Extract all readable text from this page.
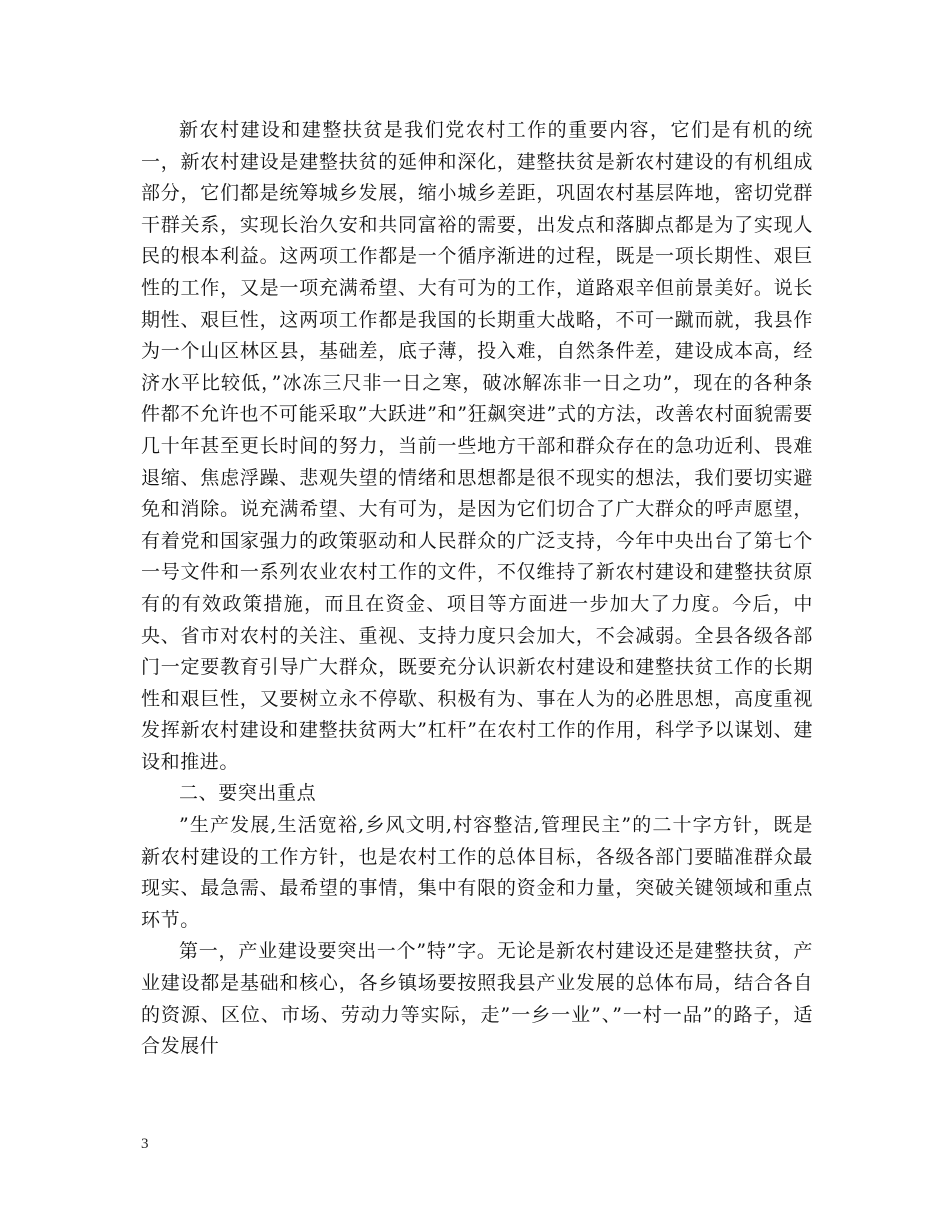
新农村建设和建整扶贫是我们党农村工作的重要内容，它们是有机的统一，新农村建设是建整扶贫的延伸和深化，建整扶贫是新农村建设的有机组成部分，它们都是统筹城乡发展，缩小城乡差距，巩固农村基层阵地，密切党群干群关系，实现长治久安和共同富裕的需要，出发点和落脚点都是为了实现人民的根本利益。这两项工作都是一个循序渐进的过程，既是一项长期性、艰巨性的工作，又是一项充满希望、大有可为的工作，道路艰辛但前景美好。说长期性、艰巨性，这两项工作都是我国的长期重大战略，不可一蹴而就，我县作为一个山区林区县，基础差，底子薄，投入难，自然条件差，建设成本高，经济水平比较低，”冰冻三尺非一日之寒，破冰解冻非一日之功”，现在的各种条件都不允许也不可能采取”大跃进”和”狂飙突进”式的方法，改善农村面貌需要几十年甚至更长时间的努力，当前一些地方干部和群众存在的急功近利、畏难退缩、焦虑浮躁、悲观失望的情绪和思想都是很不现实的想法，我们要切实避免和消除。说充满希望、大有可为，是因为它们切合了广大群众的呼声愿望，有着党和国家强力的政策驱动和人民群众的广泛支持，今年中央出台了第七个一号文件和一系列农业农村工作的文件，不仅维持了新农村建设和建整扶贫原有的有效政策措施，而且在资金、项目等方面进一步加大了力度。今后，中央、省市对农村的关注、重视、支持力度只会加大，不会减弱。全县各级各部门一定要教育引导广大群众，既要充分认识新农村建设和建整扶贫工作的长期性和艰巨性，又要树立永不停歇、积极有为、事在人为的必胜思想，高度重视发挥新农村建设和建整扶贫两大”杠杆”在农村工作的作用，科学予以谋划、建设和推进。

二、要突出重点

”生产发展,生活宽裕,乡风文明,村容整洁,管理民主”的二十字方针，既是新农村建设的工作方针，也是农村工作的总体目标，各级各部门要瞄准群众最现实、最急需、最希望的事情，集中有限的资金和力量，突破关键领域和重点环节。

第一，产业建设要突出一个”特”字。无论是新农村建设还是建整扶贫，产业建设都是基础和核心，各乡镇场要按照我县产业发展的总体布局，结合各自的资源、区位、市场、劳动力等实际，走”一乡一业”、”一村一品”的路子，适合发展什

3
